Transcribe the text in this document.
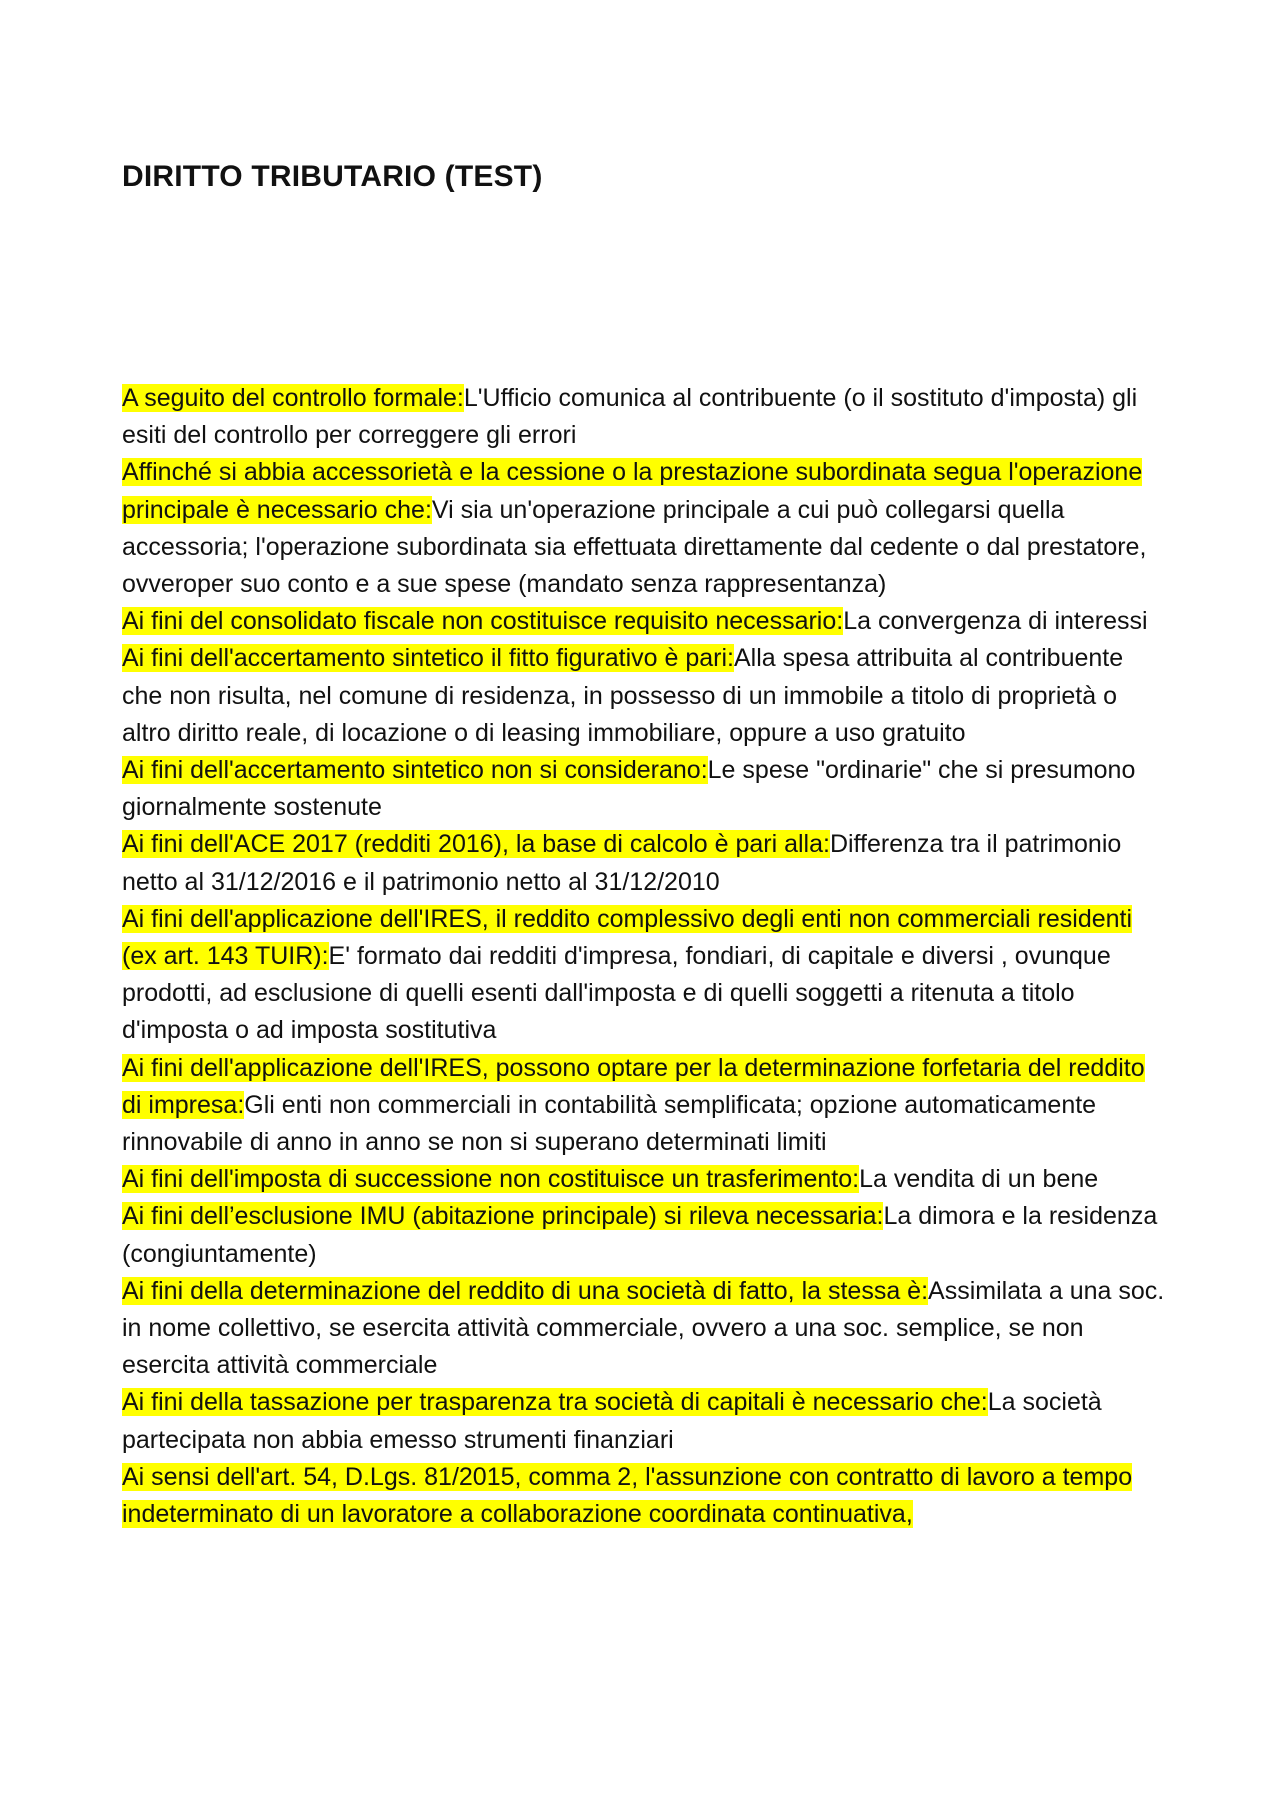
DIRITTO TRIBUTARIO (TEST)

A seguito del controllo formale:L'Ufficio comunica al contribuente (o il sostituto d'imposta) gli esiti del controllo per correggere gli errori

Affinché si abbia accessorietà e la cessione o la prestazione subordinata segua l'operazione principale è necessario che:Vi sia un'operazione principale a cui può collegarsi quella accessoria; l'operazione subordinata sia effettuata direttamente dal cedente o dal prestatore, ovveroper suo conto e a sue spese (mandato senza rappresentanza)

Ai fini del consolidato fiscale non costituisce requisito necessario:La convergenza di interessi

Ai fini dell'accertamento sintetico il fitto figurativo è pari:Alla spesa attribuita al contribuente che non risulta, nel comune di residenza, in possesso di un immobile a titolo di proprietà o altro diritto reale, di locazione o di leasing immobiliare, oppure a uso gratuito

Ai fini dell'accertamento sintetico non si considerano:Le spese "ordinarie" che si presumono giornalmente sostenute

Ai fini dell'ACE 2017 (redditi 2016), la base di calcolo è pari alla:Differenza tra il patrimonio netto al 31/12/2016 e il patrimonio netto al 31/12/2010

Ai fini dell'applicazione dell'IRES, il reddito complessivo degli enti non commerciali residenti (ex art. 143 TUIR):E' formato dai redditi d'impresa, fondiari, di capitale e diversi , ovunque prodotti, ad esclusione di quelli esenti dall'imposta e di quelli soggetti a ritenuta a titolo d'imposta o ad imposta sostitutiva

Ai fini dell'applicazione dell'IRES, possono optare per la determinazione forfetaria del reddito di impresa:Gli enti non commerciali in contabilità semplificata; opzione automaticamente rinnovabile di anno in anno se non si superano determinati limiti

Ai fini dell'imposta di successione non costituisce un trasferimento:La vendita di un bene

Ai fini dell’esclusione IMU (abitazione principale) si rileva necessaria:La dimora e la residenza (congiuntamente)

Ai fini della determinazione del reddito di una società di fatto, la stessa è:Assimilata a una soc. in nome collettivo, se esercita attività commerciale, ovvero a una soc. semplice, se non esercita attività commerciale

Ai fini della tassazione per trasparenza tra società di capitali è necessario che:La società partecipata non abbia emesso strumenti finanziari

Ai sensi dell'art. 54, D.Lgs. 81/2015, comma 2, l'assunzione con contratto di lavoro a tempo indeterminato di un lavoratore a collaborazione coordinata continuativa,
